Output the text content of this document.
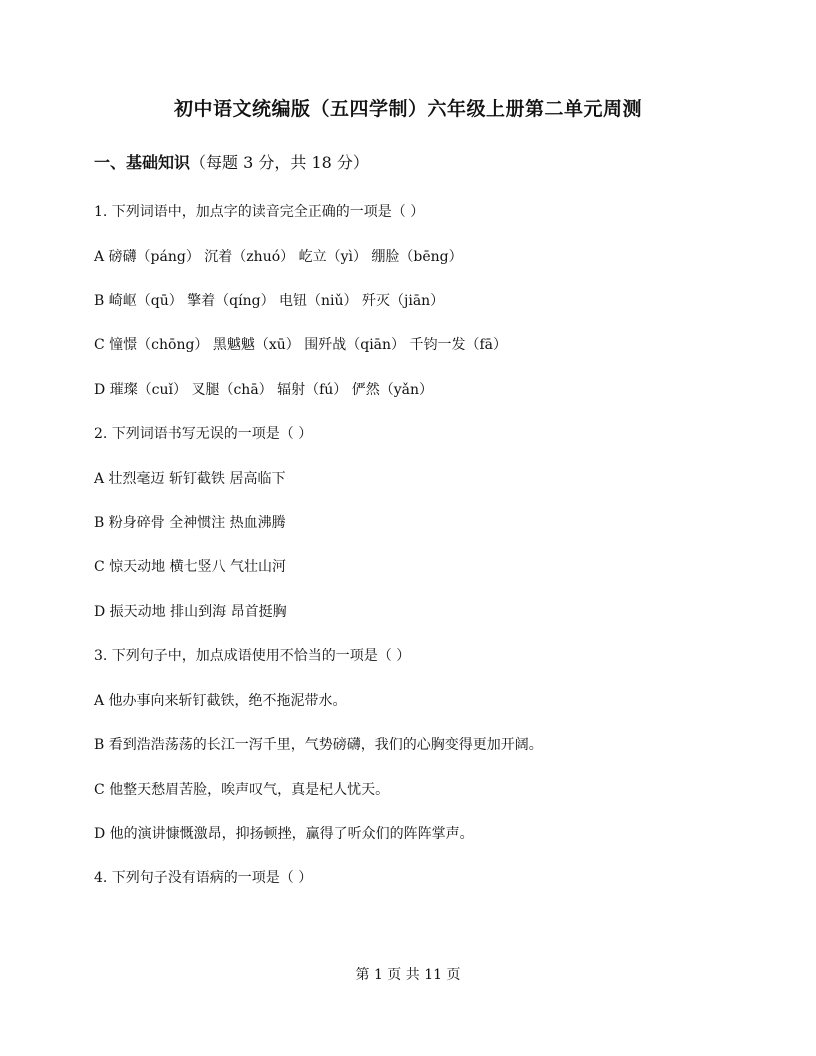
初中语文统编版（五四学制）六年级上册第二单元周测
一、基础知识（每题 3 分，共 18 分）
1. 下列词语中，加点字的读音完全正确的一项是（ ）
A 磅礴（páng） 沉着（zhuó） 屹立（yì） 绷脸（bēng）
B 崎岖（qū） 擎着（qíng） 电钮（niǔ） 歼灭（jiān）
C 憧憬（chōng） 黑魆魆（xū） 围歼战（qiān） 千钧一发（fā）
D 璀璨（cuǐ） 叉腿（chā） 辐射（fú） 俨然（yǎn）
2. 下列词语书写无误的一项是（ ）
A 壮烈毫迈 斩钉截铁 居高临下
B 粉身碎骨 全神惯注 热血沸腾
C 惊天动地 横七竖八 气壮山河
D 振天动地 排山到海 昂首挺胸
3. 下列句子中，加点成语使用不恰当的一项是（ ）
A 他办事向来斩钉截铁，绝不拖泥带水。
B 看到浩浩荡荡的长江一泻千里，气势磅礴，我们的心胸变得更加开阔。
C 他整天愁眉苦脸，唉声叹气，真是杞人忧天。
D 他的演讲慷慨激昂，抑扬顿挫，赢得了听众们的阵阵掌声。
4. 下列句子没有语病的一项是（ ）
第 1 页 共 11 页
